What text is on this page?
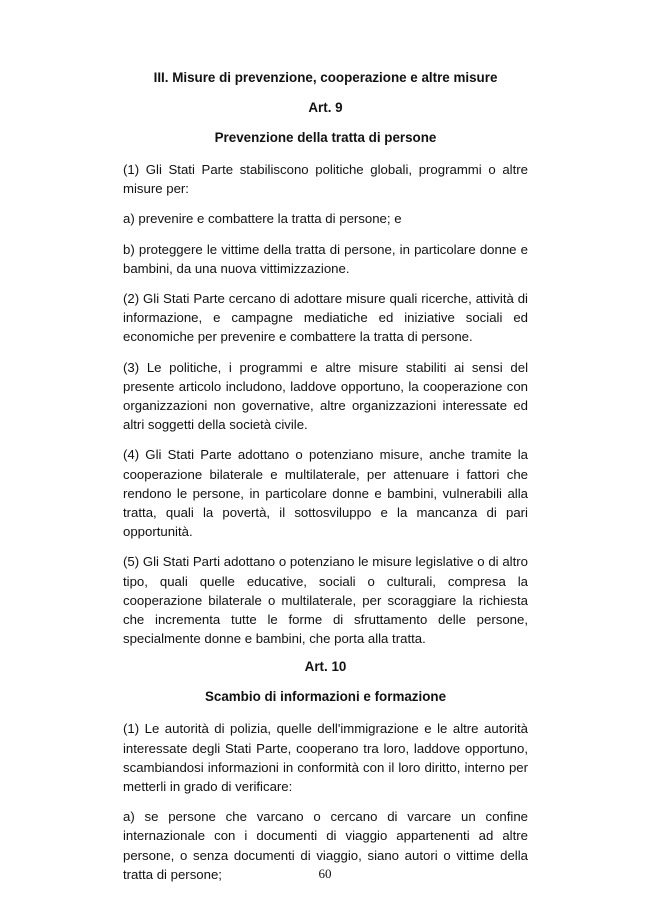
III. Misure di prevenzione, cooperazione e altre misure

Art. 9

Prevenzione della tratta di persone

(1) Gli Stati Parte stabiliscono politiche globali, programmi o altre misure per:

a) prevenire e combattere la tratta di persone; e

b) proteggere le vittime della tratta di persone, in particolare donne e bambini, da una nuova vittimizzazione.

(2) Gli Stati Parte cercano di adottare misure quali ricerche, attività di informazione, e campagne mediatiche ed iniziative sociali ed economiche per prevenire e combattere la tratta di persone.

(3) Le politiche, i programmi e altre misure stabiliti ai sensi del presente articolo includono, laddove opportuno, la cooperazione con organizzazioni non governative, altre organizzazioni interessate ed altri soggetti della società civile.

(4) Gli Stati Parte adottano o potenziano misure, anche tramite la cooperazione bilaterale e multilaterale, per attenuare i fattori che rendono le persone, in particolare donne e bambini, vulnerabili alla tratta, quali la povertà, il sottosviluppo e la mancanza di pari opportunità.

(5) Gli Stati Parti adottano o potenziano le misure legislative o di altro tipo, quali quelle educative, sociali o culturali, compresa la cooperazione bilaterale o multilaterale, per scoraggiare la richiesta che incrementa tutte le forme di sfruttamento delle persone, specialmente donne e bambini, che porta alla tratta.

Art. 10

Scambio di informazioni e formazione

(1) Le autorità di polizia, quelle dell'immigrazione e le altre autorità interessate degli Stati Parte, cooperano tra loro, laddove opportuno, scambiandosi informazioni in conformità con il loro diritto, interno per metterli in grado di verificare:

a) se persone che varcano o cercano di varcare un confine internazionale con i documenti di viaggio appartenenti ad altre persone, o senza documenti di viaggio, siano autori o vittime della tratta di persone;	60
